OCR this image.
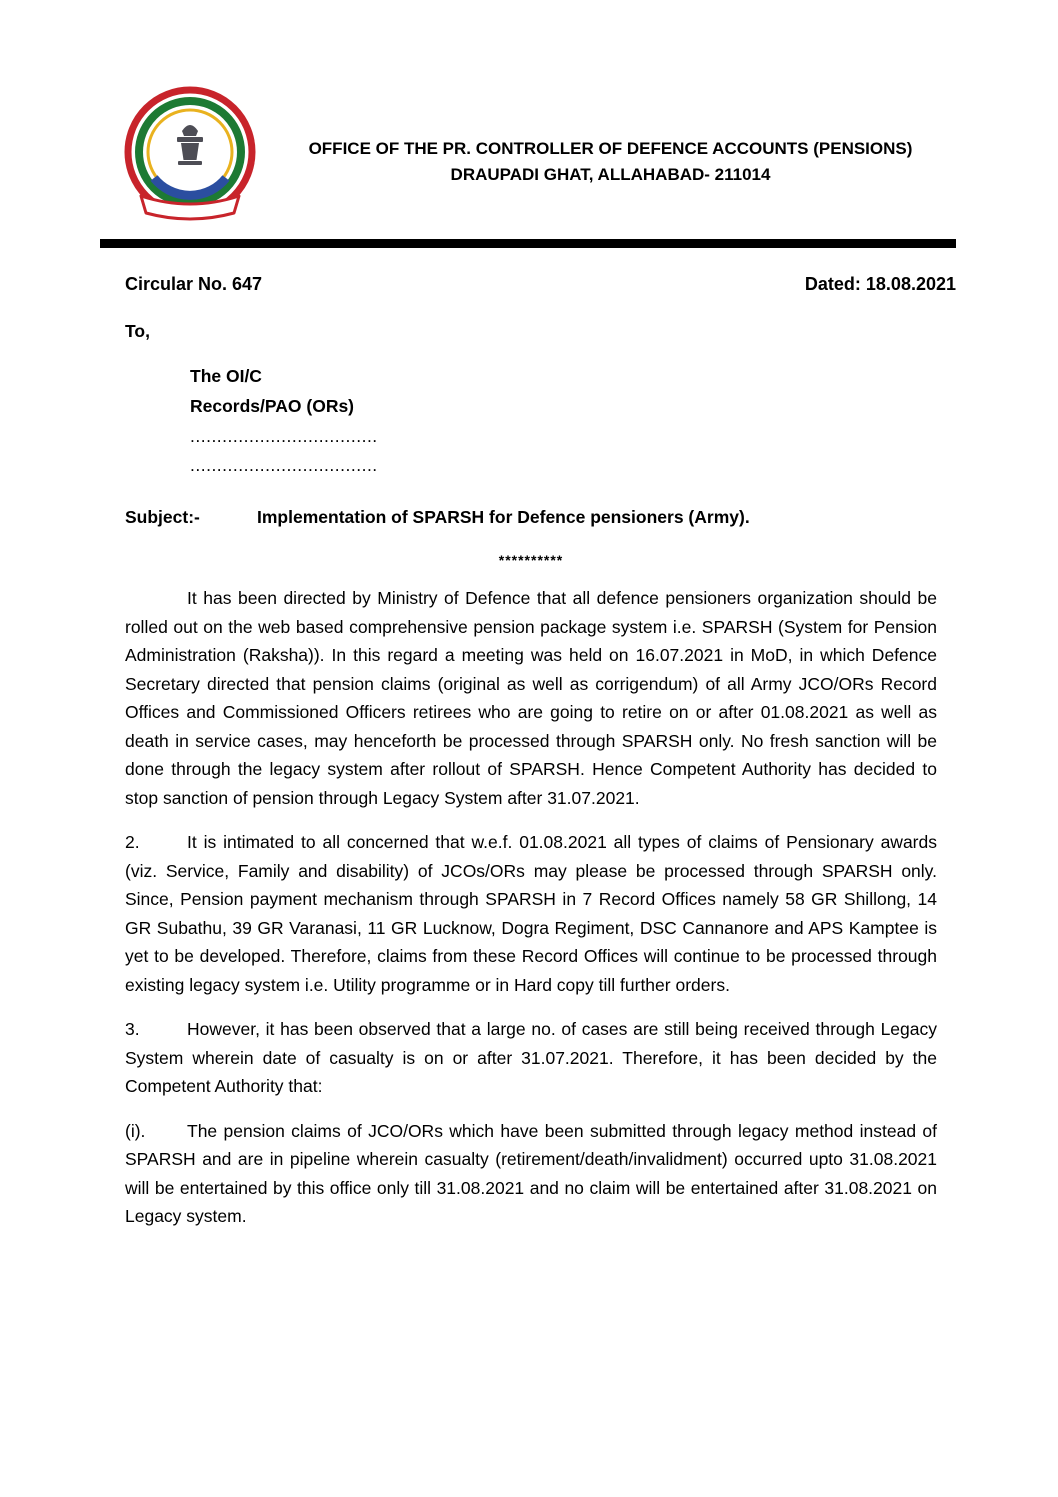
OFFICE OF THE PR. CONTROLLER OF DEFENCE ACCOUNTS (PENSIONS)
DRAUPADI GHAT, ALLAHABAD- 211014
Circular No. 647	Dated: 18.08.2021
To,
The OI/C
Records/PAO (ORs)
...................................
...................................
Subject:-	Implementation of SPARSH for Defence pensioners (Army).
**********

It has been directed by Ministry of Defence that all defence pensioners organization should be rolled out on the web based comprehensive pension package system i.e. SPARSH (System for Pension Administration (Raksha)). In this regard a meeting was held on 16.07.2021 in MoD, in which Defence Secretary directed that pension claims (original as well as corrigendum) of all Army JCO/ORs Record Offices and Commissioned Officers retirees who are going to retire on or after 01.08.2021 as well as death in service cases, may henceforth be processed through SPARSH only. No fresh sanction will be done through the legacy system after rollout of SPARSH. Hence Competent Authority has decided to stop sanction of pension through Legacy System after 31.07.2021.

2.	It is intimated to all concerned that w.e.f. 01.08.2021 all types of claims of Pensionary awards (viz. Service, Family and disability) of JCOs/ORs may please be processed through SPARSH only. Since, Pension payment mechanism through SPARSH in 7 Record Offices namely 58 GR Shillong, 14 GR Subathu, 39 GR Varanasi, 11 GR Lucknow, Dogra Regiment, DSC Cannanore and APS Kamptee is yet to be developed. Therefore, claims from these Record Offices will continue to be processed through existing legacy system i.e. Utility programme or in Hard copy till further orders.

3.	However, it has been observed that a large no. of cases are still being received through Legacy System wherein date of casualty is on or after 31.07.2021. Therefore, it has been decided by the Competent Authority that:

(i). The pension claims of JCO/ORs which have been submitted through legacy method instead of SPARSH and are in pipeline wherein casualty (retirement/death/invalidment) occurred upto 31.08.2021 will be entertained by this office only till 31.08.2021 and no claim will be entertained after 31.08.2021 on Legacy system.
